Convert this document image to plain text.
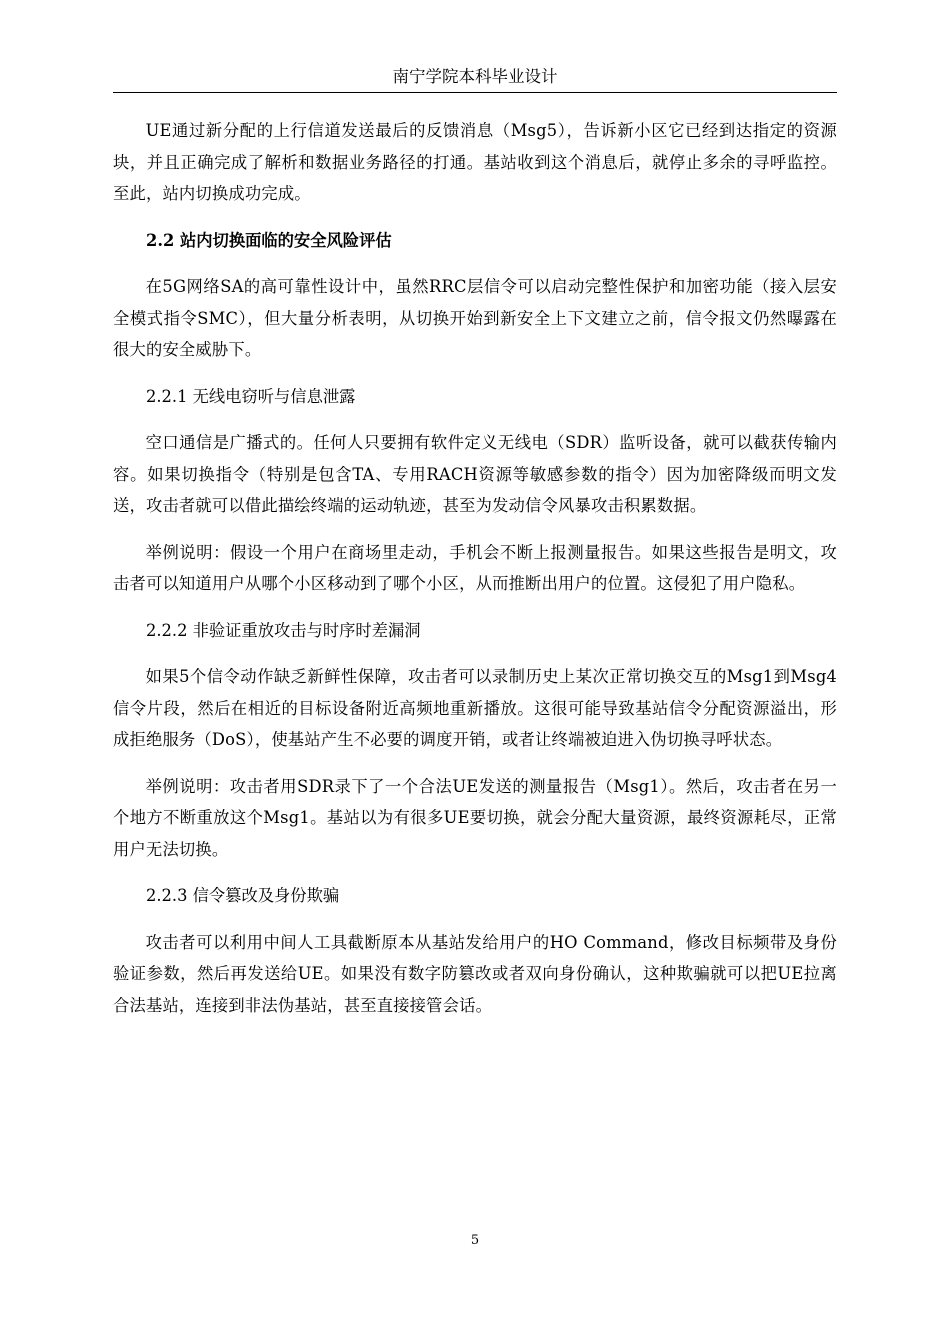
南宁学院本科毕业设计

UE通过新分配的上行信道发送最后的反馈消息（Msg5），告诉新小区它已经到达指定的资源块，并且正确完成了解析和数据业务路径的打通。基站收到这个消息后，就停止多余的寻呼监控。至此，站内切换成功完成。

2.2 站内切换面临的安全风险评估

在5G网络SA的高可靠性设计中，虽然RRC层信令可以启动完整性保护和加密功能（接入层安全模式指令SMC），但大量分析表明，从切换开始到新安全上下文建立之前，信令报文仍然曝露在很大的安全威胁下。

2.2.1 无线电窃听与信息泄露

空口通信是广播式的。任何人只要拥有软件定义无线电（SDR）监听设备，就可以截获传输内容。如果切换指令（特别是包含TA、专用RACH资源等敏感参数的指令）因为加密降级而明文发送，攻击者就可以借此描绘终端的运动轨迹，甚至为发动信令风暴攻击积累数据。

举例说明：假设一个用户在商场里走动，手机会不断上报测量报告。如果这些报告是明文，攻击者可以知道用户从哪个小区移动到了哪个小区，从而推断出用户的位置。这侵犯了用户隐私。

2.2.2 非验证重放攻击与时序时差漏洞

如果5个信令动作缺乏新鲜性保障，攻击者可以录制历史上某次正常切换交互的Msg1到Msg4信令片段，然后在相近的目标设备附近高频地重新播放。这很可能导致基站信令分配资源溢出，形成拒绝服务（DoS），使基站产生不必要的调度开销，或者让终端被迫进入伪切换寻呼状态。

举例说明：攻击者用SDR录下了一个合法UE发送的测量报告（Msg1）。然后，攻击者在另一个地方不断重放这个Msg1。基站以为有很多UE要切换，就会分配大量资源，最终资源耗尽，正常用户无法切换。

2.2.3 信令篡改及身份欺骗

攻击者可以利用中间人工具截断原本从基站发给用户的HO Command，修改目标频带及身份验证参数，然后再发送给UE。如果没有数字防篡改或者双向身份确认，这种欺骗就可以把UE拉离合法基站，连接到非法伪基站，甚至直接接管会话。

5
